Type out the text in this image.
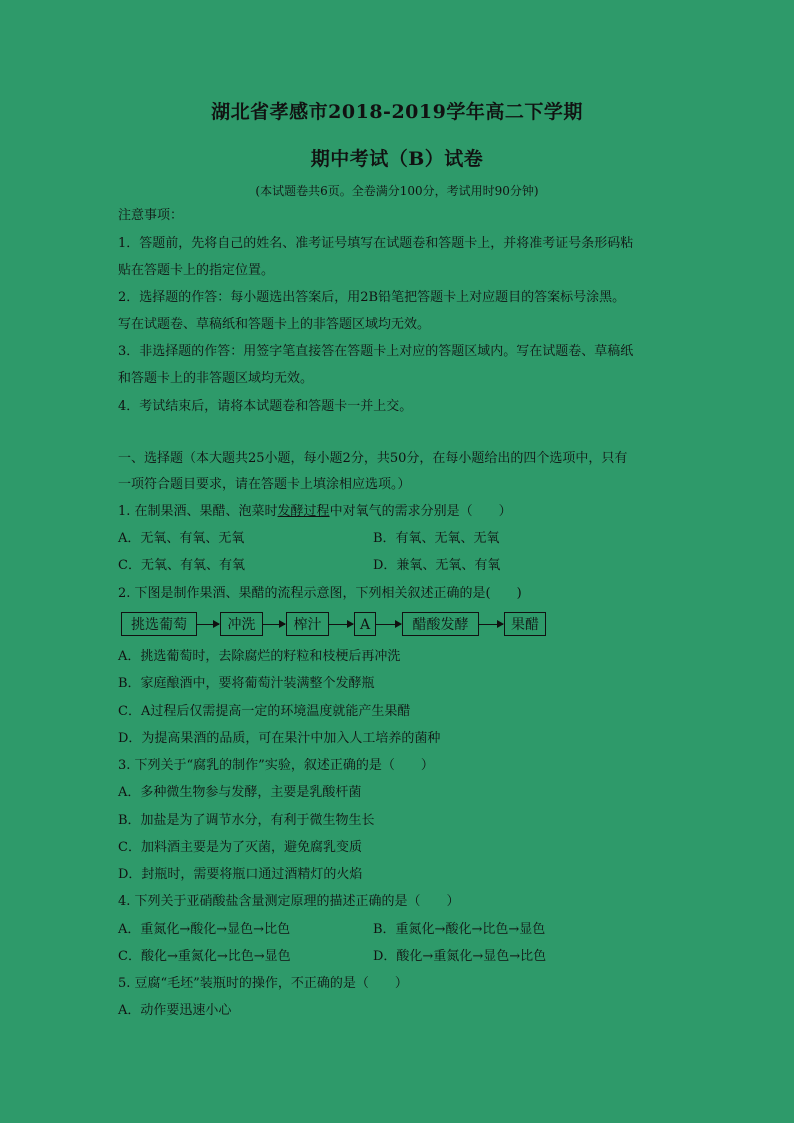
湖北省孝感市2018-2019学年高二下学期
期中考试（B）试卷
(本试题卷共6页。全卷满分100分，考试用时90分钟)
注意事项：
1．答题前，先将自己的姓名、准考证号填写在试题卷和答题卡上，并将准考证号条形码粘
贴在答题卡上的指定位置。
2．选择题的作答：每小题选出答案后，用2B铅笔把答题卡上对应题目的答案标号涂黑。
写在试题卷、草稿纸和答题卡上的非答题区域均无效。
3．非选择题的作答：用签字笔直接答在答题卡上对应的答题区域内。写在试题卷、草稿纸
和答题卡上的非答题区域均无效。
4．考试结束后，请将本试题卷和答题卡一并上交。
一、选择题（本大题共25小题，每小题2分，共50分，在每小题给出的四个选项中，只有
一项符合题目要求，请在答题卡上填涂相应选项。）
1. 在制果酒、果醋、泡菜时发酵过程中对氧气的需求分别是（　　）
A．无氧、有氧、无氧	B．有氧、无氧、无氧
C．无氧、有氧、有氧	D．兼氧、无氧、有氧
2. 下图是制作果酒、果醋的流程示意图，下列相关叙述正确的是(　　)
挑选葡萄	冲洗	榨汁	A	醋酸发酵	果醋
A．挑选葡萄时，去除腐烂的籽粒和枝梗后再冲洗
B．家庭酿酒中，要将葡萄汁装满整个发酵瓶
C．A过程后仅需提高一定的环境温度就能产生果醋
D．为提高果酒的品质，可在果汁中加入人工培养的菌种
3. 下列关于“腐乳的制作”实验，叙述正确的是（　　）
A．多种微生物参与发酵，主要是乳酸杆菌
B．加盐是为了调节水分，有利于微生物生长
C．加料酒主要是为了灭菌，避免腐乳变质
D．封瓶时，需要将瓶口通过酒精灯的火焰
4. 下列关于亚硝酸盐含量测定原理的描述正确的是（　　）
A．重氮化→酸化→显色→比色	B．重氮化→酸化→比色→显色
C．酸化→重氮化→比色→显色	D．酸化→重氮化→显色→比色
5. 豆腐“毛坯”装瓶时的操作，不正确的是（　　）
A．动作要迅速小心
